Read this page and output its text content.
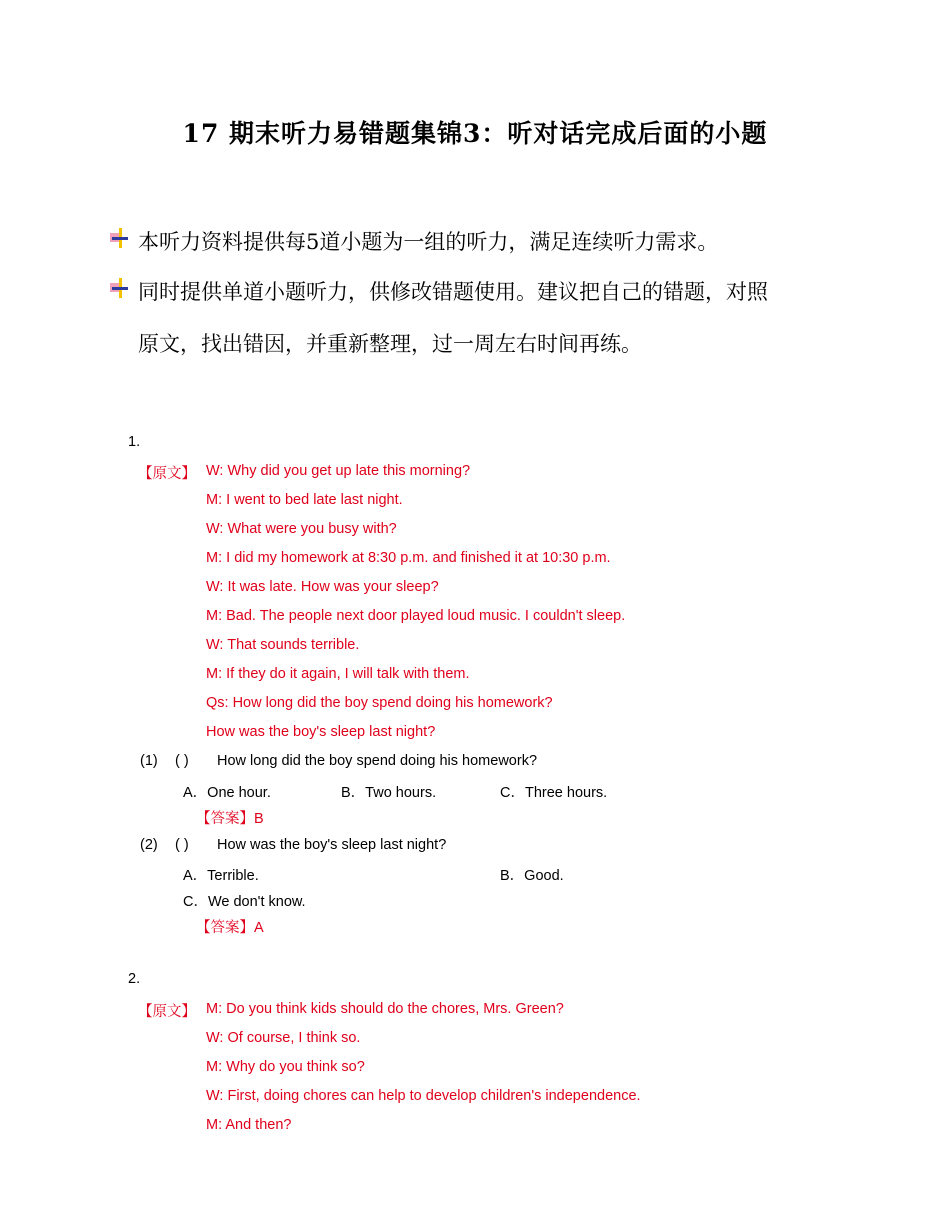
17 期末听力易错题集锦3：听对话完成后面的小题
本听力资料提供每5道小题为一组的听力，满足连续听力需求。
同时提供单道小题听力，供修改错题使用。建议把自己的错题，对照
原文，找出错因，并重新整理，过一周左右时间再练。
1.
【原文】 W: Why did you get up late this morning?
M: I went to bed late last night.
W: What were you busy with?
M: I did my homework at 8:30 p.m. and finished it at 10:30 p.m.
W: It was late. How was your sleep?
M: Bad. The people next door played loud music. I couldn't sleep.
W: That sounds terrible.
M: If they do it again, I will talk with them.
Qs: How long did the boy spend doing his homework?
How was the boy's sleep last night?
(1) ( ) How long did the boy spend doing his homework?
A．One hour.	B．Two hours.	C．Three hours.
【答案】B
(2) ( ) How was the boy's sleep last night?
A．Terrible.	B．Good.
C．We don't know.
【答案】A
2.
【原文】 M: Do you think kids should do the chores, Mrs. Green?
W: Of course, I think so.
M: Why do you think so?
W: First, doing chores can help to develop children's independence.
M: And then?
